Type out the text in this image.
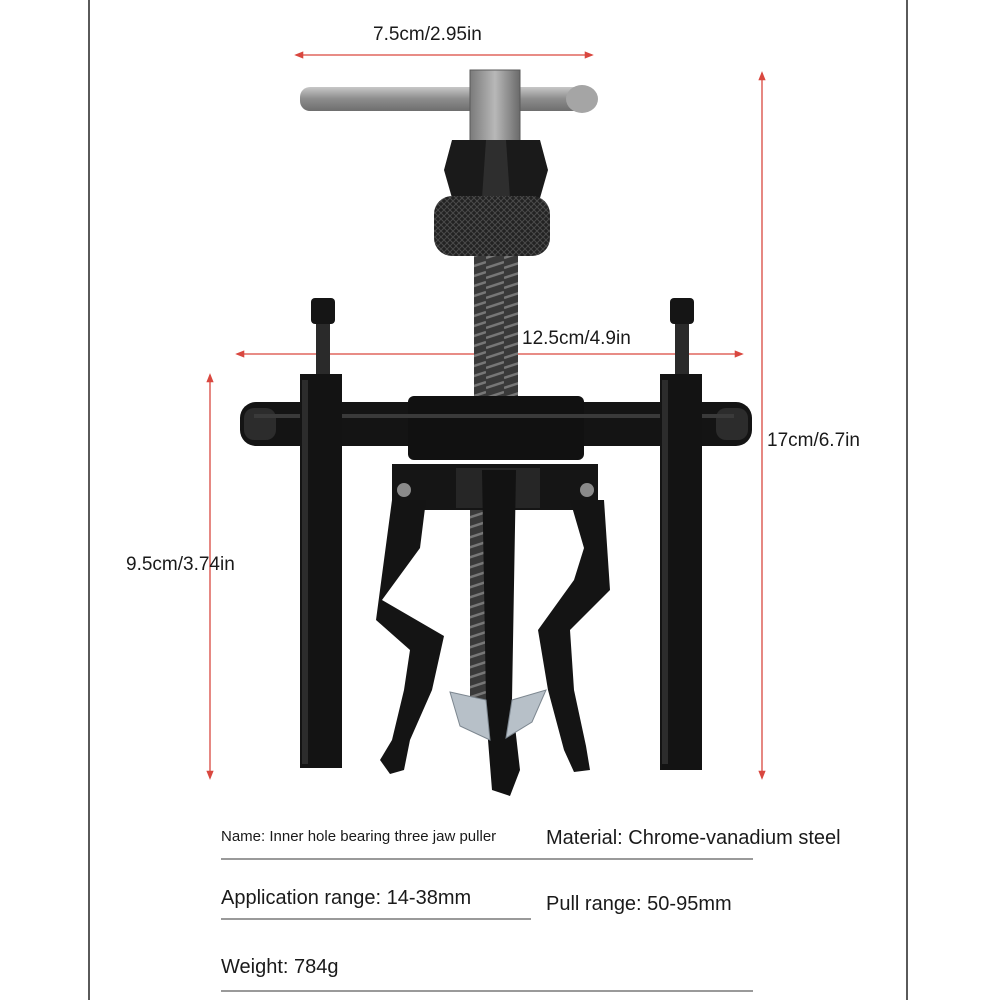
7.5cm/2.95in
12.5cm/4.9in
17cm/6.7in
9.5cm/3.74in
Name: Inner hole bearing three jaw puller Material: Chrome-vanadium steel
Application range: 14-38mm	Pull range: 50-95mm
Weight: 784g
